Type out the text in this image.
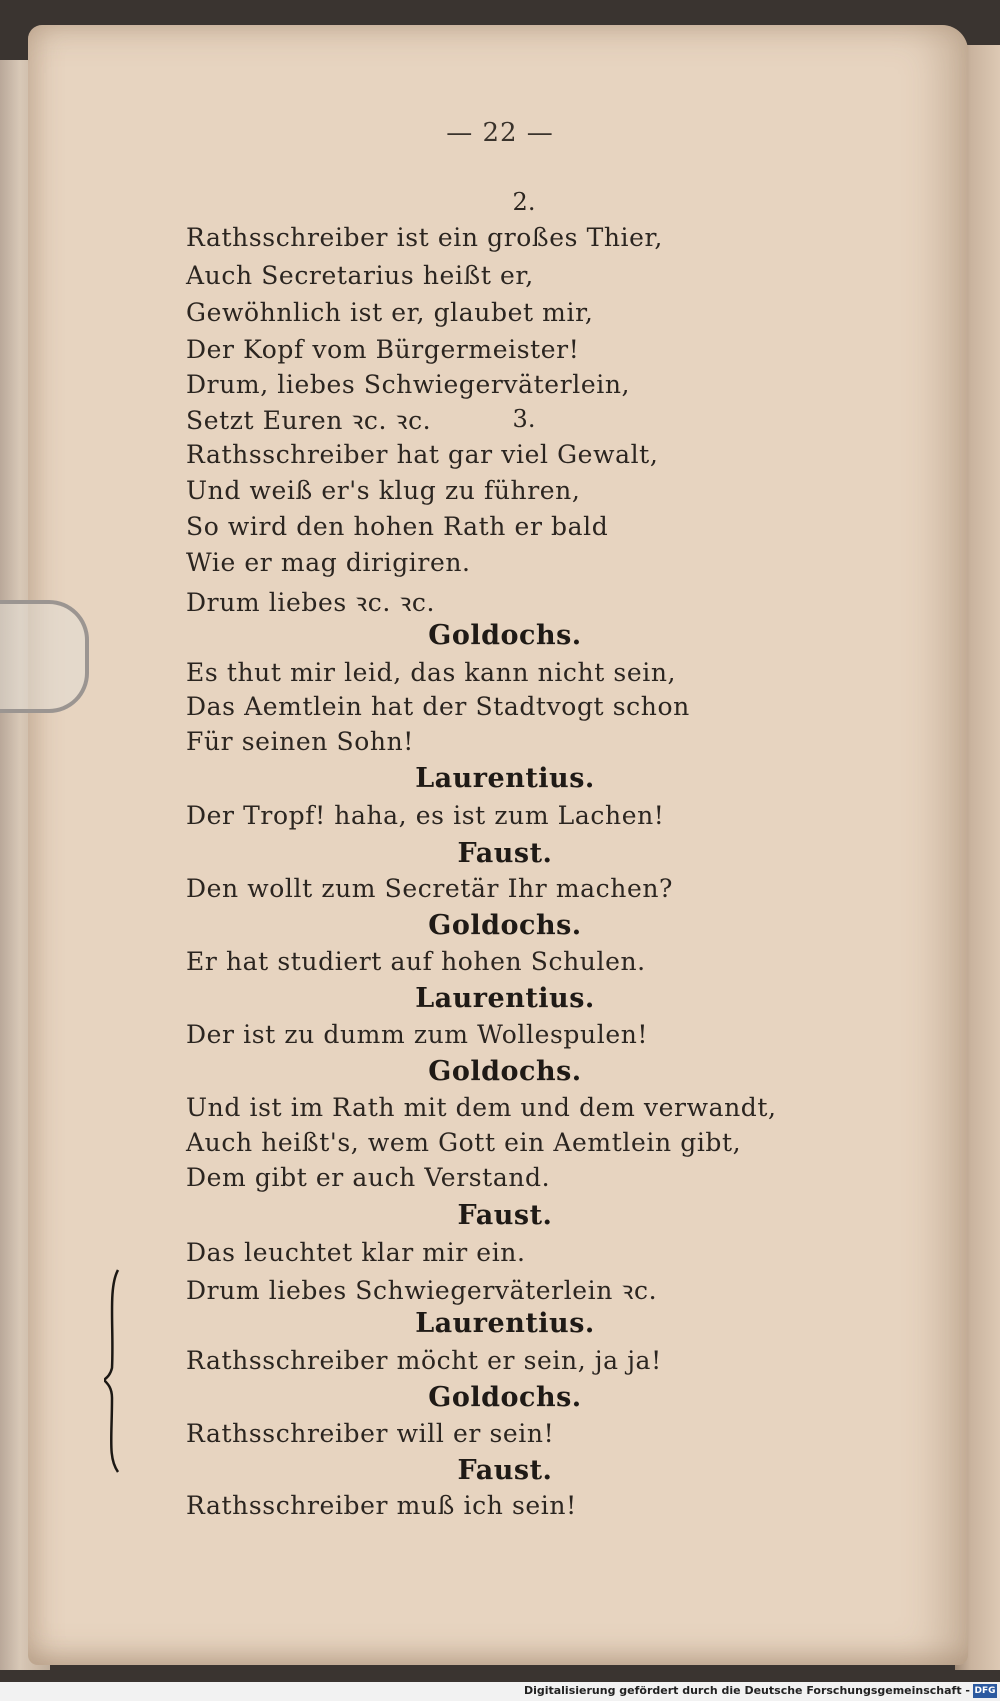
— 22 —
2.
Rathsschreiber ist ein großes Thier,
Auch Secretarius heißt er,
Gewöhnlich ist er, glaubet mir,
Der Kopf vom Bürgermeister!
Drum, liebes Schwiegerväterlein,
Setzt Euren ꝛc. ꝛc.	3.
Rathsschreiber hat gar viel Gewalt,
Und weiß er's klug zu führen,
So wird den hohen Rath er bald
Wie er mag dirigiren.
Drum liebes ꝛc. ꝛc.
Goldochs.
Es thut mir leid, das kann nicht sein,
Das Aemtlein hat der Stadtvogt schon
Für seinen Sohn!
Laurentius.
Der Tropf! haha, es ist zum Lachen!
Faust.
Den wollt zum Secretär Ihr machen?
Goldochs.
Er hat studiert auf hohen Schulen.
Laurentius.
Der ist zu dumm zum Wollespulen!
Goldochs.
Und ist im Rath mit dem und dem verwandt,
Auch heißt's, wem Gott ein Aemtlein gibt,
Dem gibt er auch Verstand.
Faust.
Das leuchtet klar mir ein.
Drum liebes Schwiegerväterlein ꝛc.
Laurentius.
Rathsschreiber möcht er sein, ja ja!
Goldochs.
Rathsschreiber will er sein!
Faust.
Rathsschreiber muß ich sein!
Digitalisierung gefördert durch die Deutsche Forschungsgemeinschaft - DFG
